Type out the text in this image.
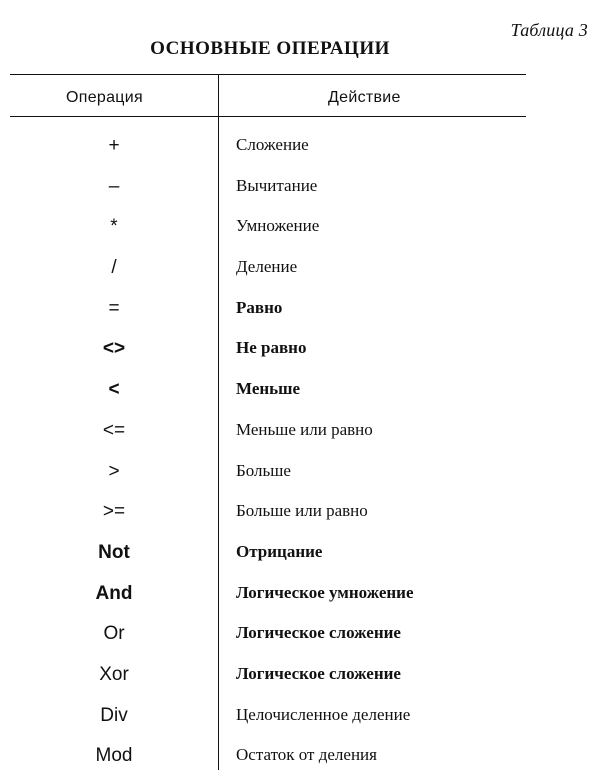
Таблица 3
ОСНОВНЫЕ ОПЕРАЦИИ
Операция	Действие
+	Сложение
–	Вычитание
*	Умножение
/	Деление
=	Равно
<>	Не равно
<	Меньше
<=	Меньше или равно
>	Больше
>=	Больше или равно
Not	Отрицание
And	Логическое умножение
Or	Логическое сложение
Xor	Логическое сложение
Div	Целочисленное деление
Mod	Остаток от деления
